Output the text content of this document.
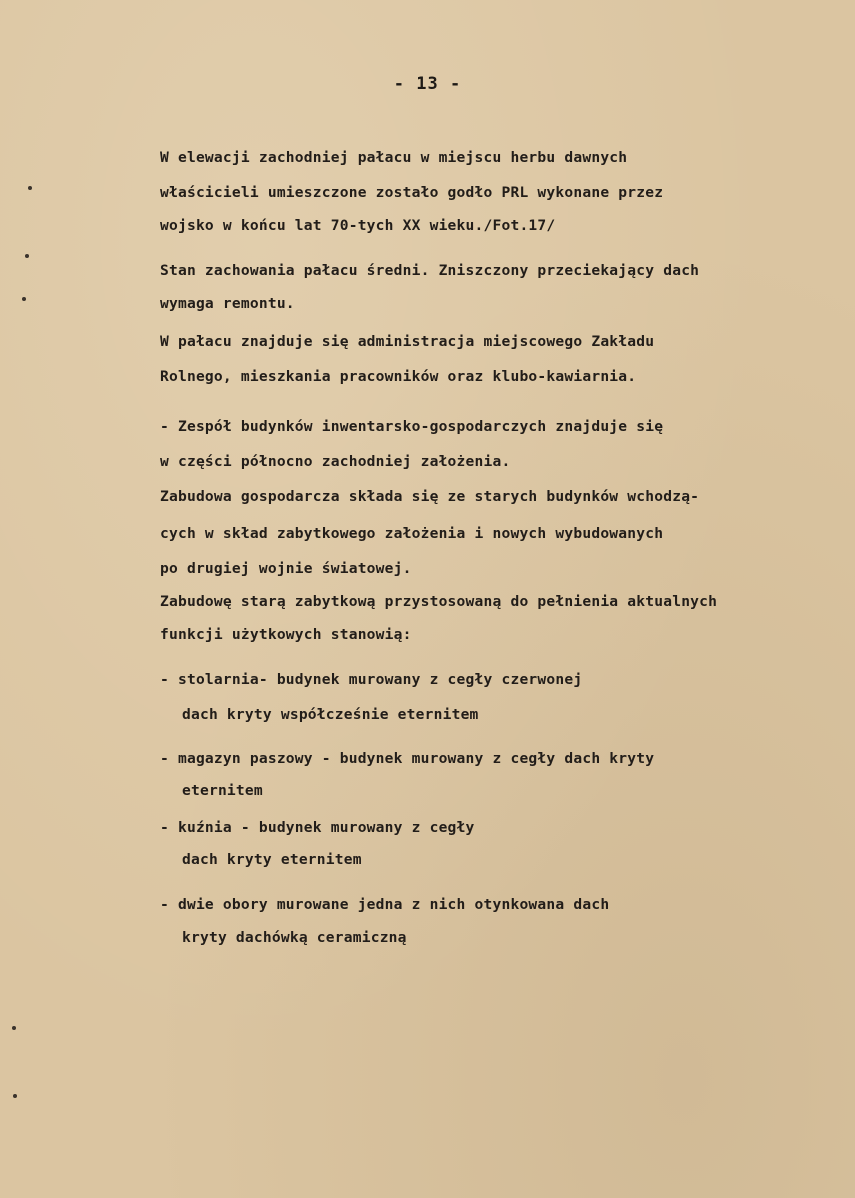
- 13 -
W elewacji zachodniej pałacu w miejscu herbu dawnych
właścicieli umieszczone zostało godło PRL wykonane przez
wojsko w końcu lat 70-tych XX wieku./Fot.17/
Stan zachowania pałacu średni. Zniszczony przeciekający dach
wymaga remontu.
W pałacu znajduje się administracja miejscowego Zakładu
Rolnego, mieszkania pracowników oraz klubo-kawiarnia.
- Zespół budynków inwentarsko-gospodarczych znajduje się
w części północno zachodniej założenia.
Zabudowa gospodarcza składa się ze starych budynków wchodzą-
cych w skład zabytkowego założenia i nowych wybudowanych
po drugiej wojnie światowej.
Zabudowę starą zabytkową przystosowaną do pełnienia aktualnych
funkcji użytkowych stanowią:
- stolarnia- budynek murowany z cegły czerwonej
dach kryty współcześnie eternitem
- magazyn paszowy - budynek murowany z cegły dach kryty
eternitem
- kuźnia - budynek murowany z cegły
dach kryty eternitem
- dwie obory murowane jedna z nich otynkowana dach
kryty dachówką ceramiczną
